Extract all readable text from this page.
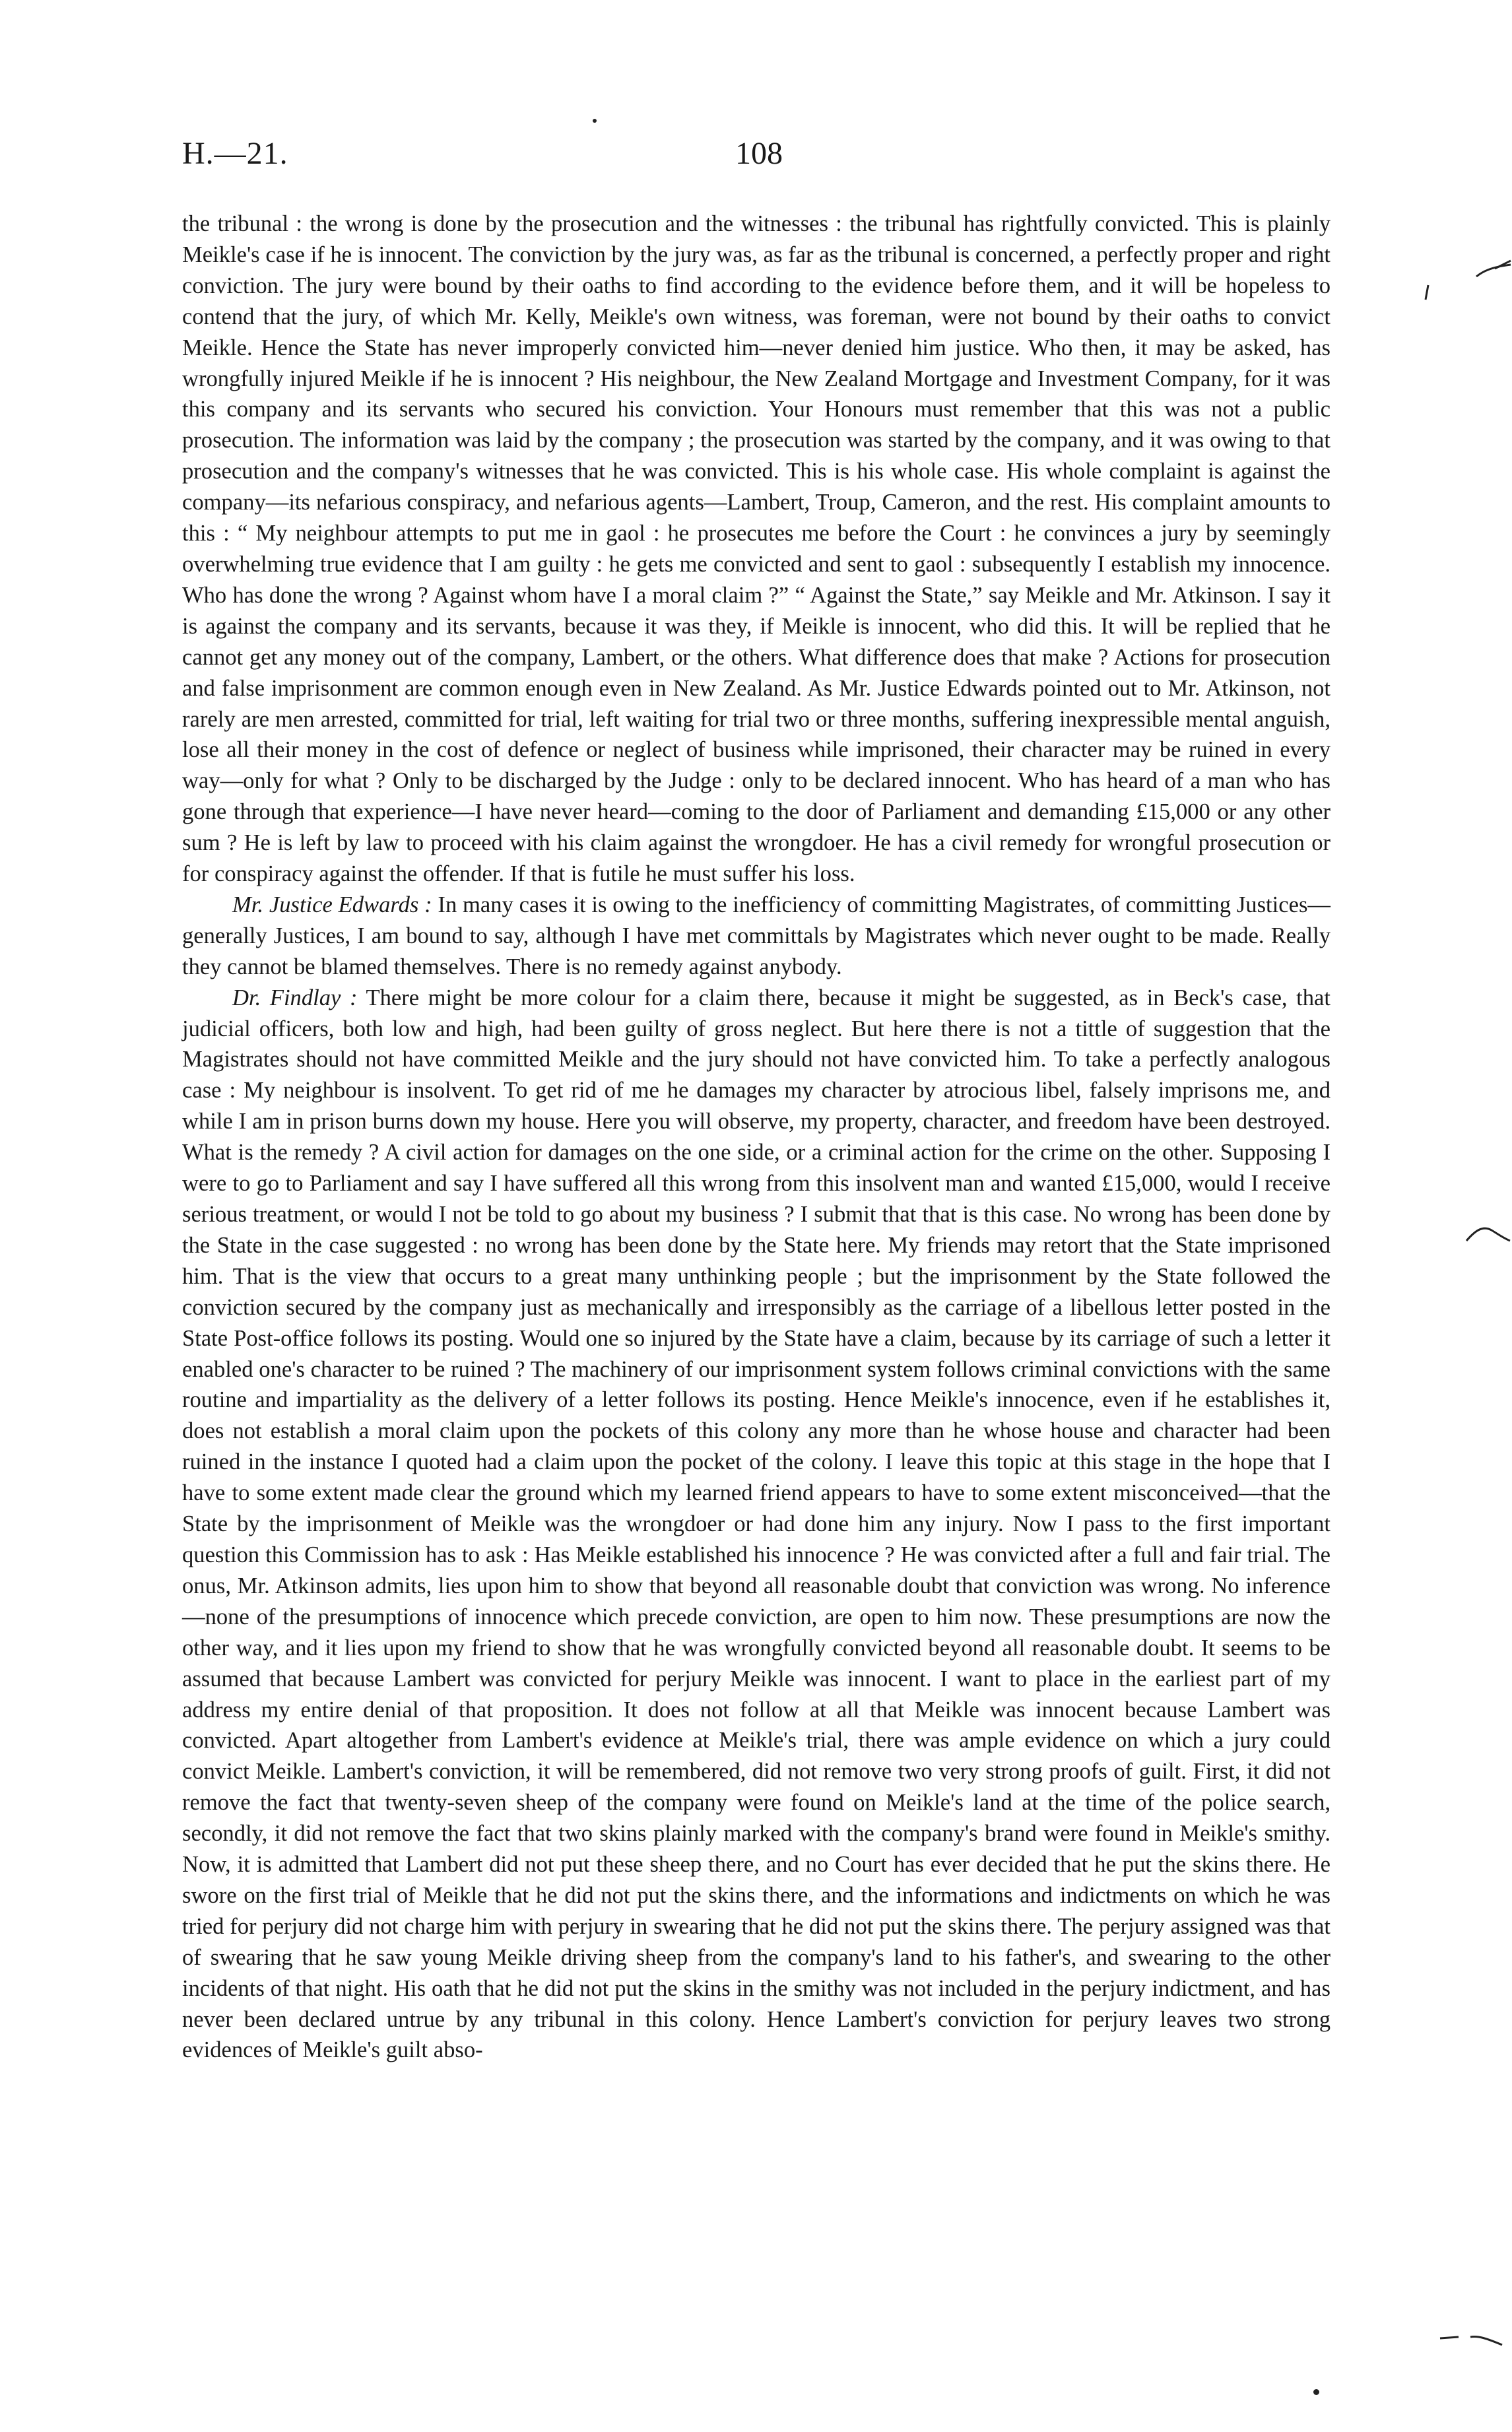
H.—21.	108

the tribunal : the wrong is done by the prosecution and the witnesses : the tribunal has rightfully convicted. This is plainly Meikle's case if he is innocent. The conviction by the jury was, as far as the tribunal is concerned, a perfectly proper and right conviction. The jury were bound by their oaths to find according to the evidence before them, and it will be hopeless to contend that the jury, of which Mr. Kelly, Meikle's own witness, was foreman, were not bound by their oaths to convict Meikle. Hence the State has never improperly convicted him—never denied him justice. Who then, it may be asked, has wrongfully injured Meikle if he is innocent ? His neighbour, the New Zealand Mortgage and Investment Company, for it was this company and its servants who secured his conviction. Your Honours must remember that this was not a public prosecution. The information was laid by the company ; the prosecution was started by the company, and it was owing to that prosecution and the company's witnesses that he was convicted. This is his whole case. His whole complaint is against the company—its nefarious conspiracy, and nefarious agents—Lambert, Troup, Cameron, and the rest. His complaint amounts to this : “ My neighbour attempts to put me in gaol : he prosecutes me before the Court : he convinces a jury by seemingly overwhelming true evidence that I am guilty : he gets me convicted and sent to gaol : subsequently I establish my innocence. Who has done the wrong ? Against whom have I a moral claim ?” “ Against the State,” say Meikle and Mr. Atkinson. I say it is against the company and its servants, because it was they, if Meikle is innocent, who did this. It will be replied that he cannot get any money out of the company, Lambert, or the others. What difference does that make ? Actions for prosecution and false imprisonment are common enough even in New Zealand. As Mr. Justice Edwards pointed out to Mr. Atkinson, not rarely are men arrested, committed for trial, left waiting for trial two or three months, suffering inexpressible mental anguish, lose all their money in the cost of defence or neglect of business while imprisoned, their character may be ruined in every way—only for what ? Only to be discharged by the Judge : only to be declared innocent. Who has heard of a man who has gone through that experience—I have never heard—coming to the door of Parliament and demanding £15,000 or any other sum ? He is left by law to proceed with his claim against the wrongdoer. He has a civil remedy for wrongful prosecution or for conspiracy against the offender. If that is futile he must suffer his loss.

Mr. Justice Edwards : In many cases it is owing to the inefficiency of committing Magistrates, of committing Justices—generally Justices, I am bound to say, although I have met committals by Magistrates which never ought to be made. Really they cannot be blamed themselves. There is no remedy against anybody.

Dr. Findlay : There might be more colour for a claim there, because it might be suggested, as in Beck's case, that judicial officers, both low and high, had been guilty of gross neglect. But here there is not a tittle of suggestion that the Magistrates should not have committed Meikle and the jury should not have convicted him. To take a perfectly analogous case : My neighbour is insolvent. To get rid of me he damages my character by atrocious libel, falsely imprisons me, and while I am in prison burns down my house. Here you will observe, my property, character, and freedom have been destroyed. What is the remedy ? A civil action for damages on the one side, or a criminal action for the crime on the other. Supposing I were to go to Parliament and say I have suffered all this wrong from this insolvent man and wanted £15,000, would I receive serious treatment, or would I not be told to go about my business ? I submit that that is this case. No wrong has been done by the State in the case suggested : no wrong has been done by the State here. My friends may retort that the State imprisoned him. That is the view that occurs to a great many unthinking people ; but the imprisonment by the State followed the conviction secured by the company just as mechanically and irresponsibly as the carriage of a libellous letter posted in the State Post-office follows its posting. Would one so injured by the State have a claim, because by its carriage of such a letter it enabled one's character to be ruined ? The machinery of our imprisonment system follows criminal convictions with the same routine and impartiality as the delivery of a letter follows its posting. Hence Meikle's innocence, even if he establishes it, does not establish a moral claim upon the pockets of this colony any more than he whose house and character had been ruined in the instance I quoted had a claim upon the pocket of the colony. I leave this topic at this stage in the hope that I have to some extent made clear the ground which my learned friend appears to have to some extent misconceived—that the State by the imprisonment of Meikle was the wrongdoer or had done him any injury. Now I pass to the first important question this Commission has to ask : Has Meikle established his innocence ? He was convicted after a full and fair trial. The onus, Mr. Atkinson admits, lies upon him to show that beyond all reasonable doubt that conviction was wrong. No inference—none of the presumptions of innocence which precede conviction, are open to him now. These presumptions are now the other way, and it lies upon my friend to show that he was wrongfully convicted beyond all reasonable doubt. It seems to be assumed that because Lambert was convicted for perjury Meikle was innocent. I want to place in the earliest part of my address my entire denial of that proposition. It does not follow at all that Meikle was innocent because Lambert was convicted. Apart altogether from Lambert's evidence at Meikle's trial, there was ample evidence on which a jury could convict Meikle. Lambert's conviction, it will be remembered, did not remove two very strong proofs of guilt. First, it did not remove the fact that twenty-seven sheep of the company were found on Meikle's land at the time of the police search, secondly, it did not remove the fact that two skins plainly marked with the company's brand were found in Meikle's smithy. Now, it is admitted that Lambert did not put these sheep there, and no Court has ever decided that he put the skins there. He swore on the first trial of Meikle that he did not put the skins there, and the informations and indictments on which he was tried for perjury did not charge him with perjury in swearing that he did not put the skins there. The perjury assigned was that of swearing that he saw young Meikle driving sheep from the company's land to his father's, and swearing to the other incidents of that night. His oath that he did not put the skins in the smithy was not included in the perjury indictment, and has never been declared untrue by any tribunal in this colony. Hence Lambert's conviction for perjury leaves two strong evidences of Meikle's guilt abso-
